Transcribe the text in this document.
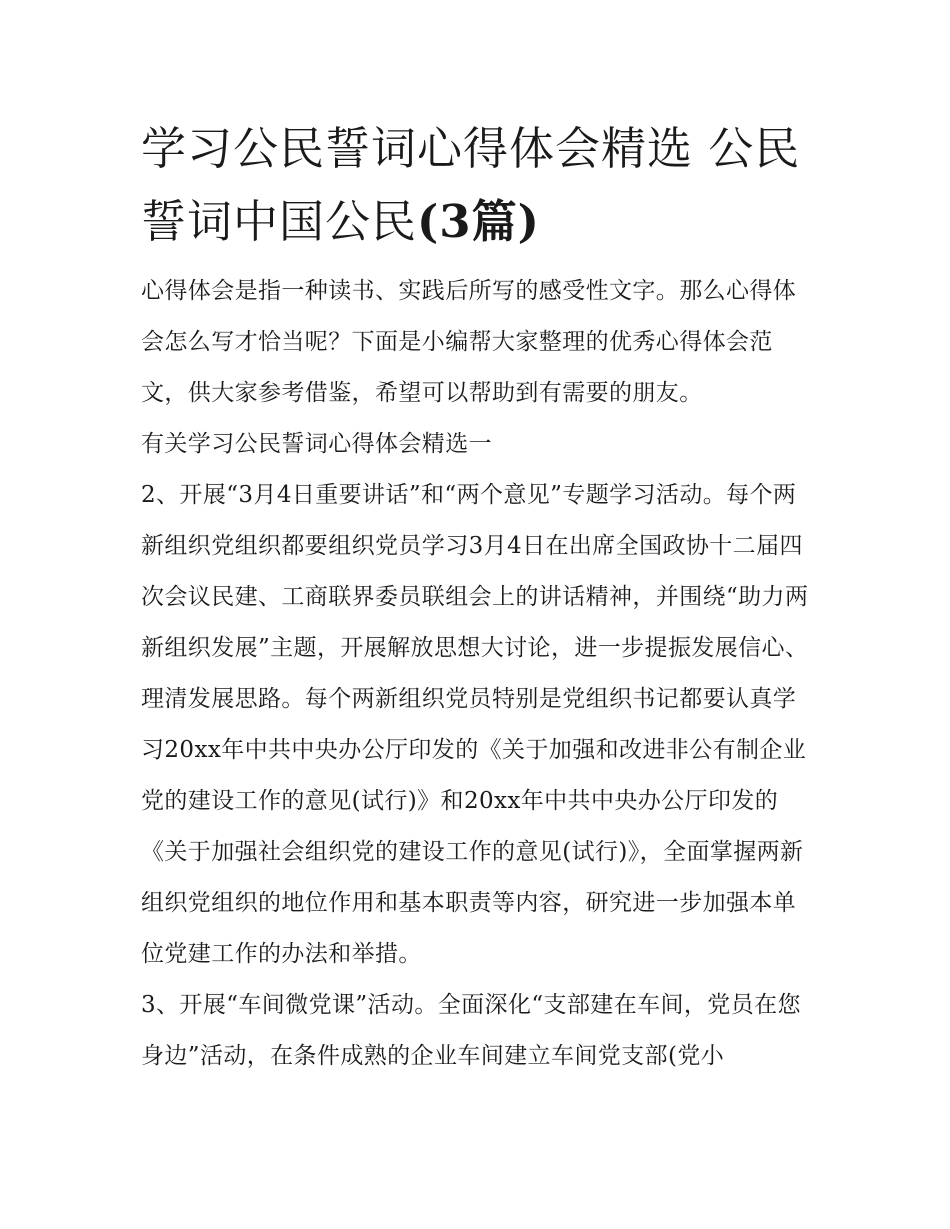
学习公民誓词心得体会精选 公民誓词中国公民(3篇)

心得体会是指一种读书、实践后所写的感受性文字。那么心得体会怎么写才恰当呢？下面是小编帮大家整理的优秀心得体会范文，供大家参考借鉴，希望可以帮助到有需要的朋友。

有关学习公民誓词心得体会精选一

2、开展“3月4日重要讲话”和“两个意见”专题学习活动。每个两新组织党组织都要组织党员学习3月4日在出席全国政协十二届四次会议民建、工商联界委员联组会上的讲话精神，并围绕“助力两新组织发展”主题，开展解放思想大讨论，进一步提振发展信心、理清发展思路。每个两新组织党员特别是党组织书记都要认真学习20xx年中共中央办公厅印发的《关于加强和改进非公有制企业党的建设工作的意见(试行)》和20xx年中共中央办公厅印发的《关于加强社会组织党的建设工作的意见(试行)》，全面掌握两新组织党组织的地位作用和基本职责等内容，研究进一步加强本单位党建工作的办法和举措。

3、开展“车间微党课”活动。全面深化“支部建在车间，党员在您身边”活动，在条件成熟的企业车间建立车间党支部(党小
